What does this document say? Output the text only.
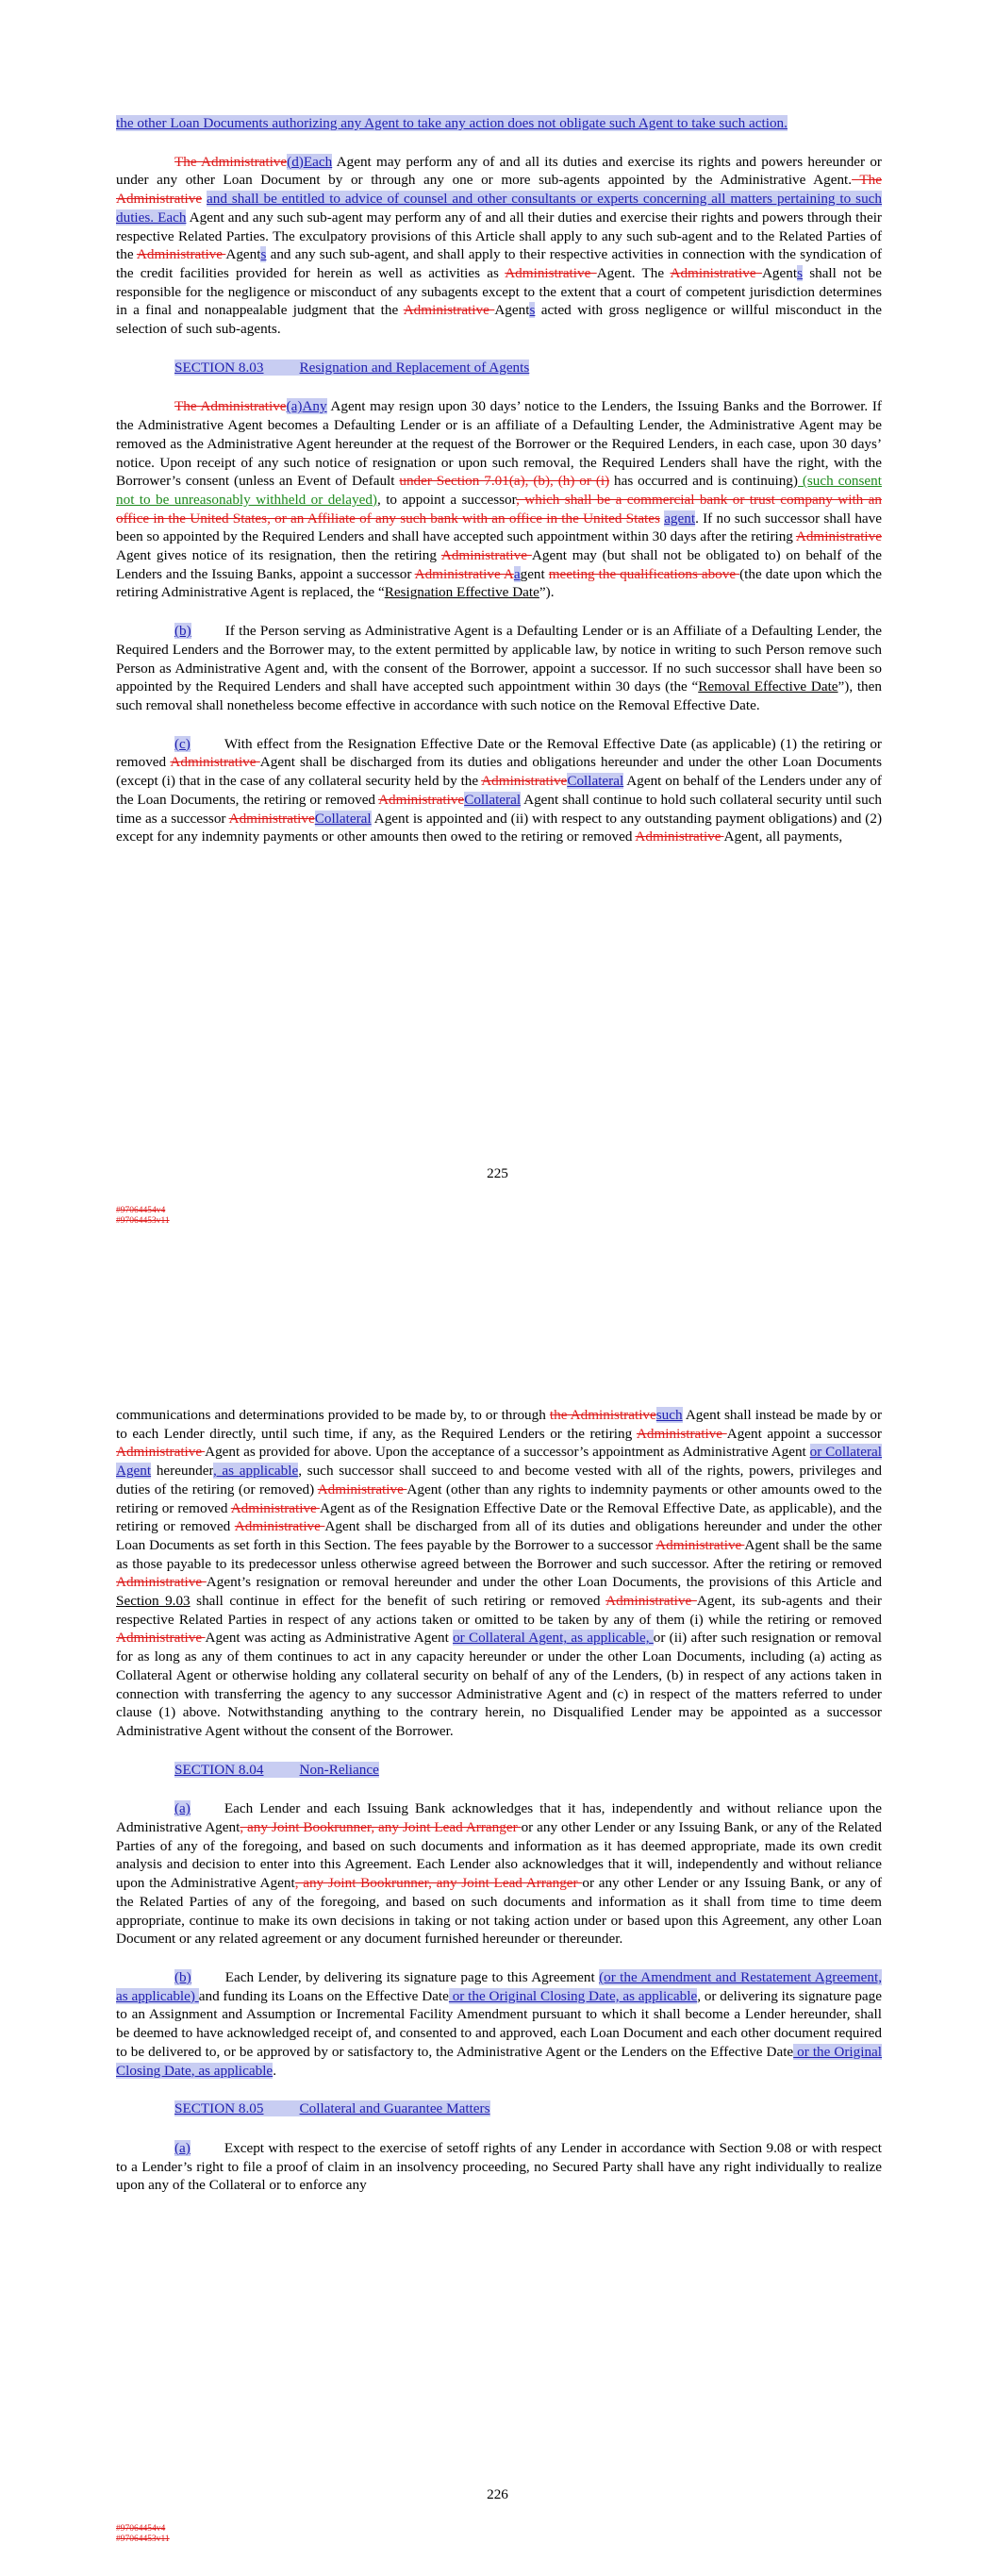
the other Loan Documents authorizing any Agent to take any action does not obligate such Agent to take such action.

The Administrative(d)Each Agent may perform any of and all its duties and exercise its rights and powers hereunder or under any other Loan Document by or through any one or more sub-agents appointed by the Administrative Agent. The Administrative and shall be entitled to advice of counsel and other consultants or experts concerning all matters pertaining to such duties. Each Agent and any such sub-agent may perform any of and all their duties and exercise their rights and powers through their respective Related Parties. The exculpatory provisions of this Article shall apply to any such sub-agent and to the Related Parties of the Administrative Agents and any such sub-agent, and shall apply to their respective activities in connection with the syndication of the credit facilities provided for herein as well as activities as Administrative Agent. The Administrative Agents shall not be responsible for the negligence or misconduct of any subagents except to the extent that a court of competent jurisdiction determines in a final and nonappealable judgment that the Administrative Agents acted with gross negligence or willful misconduct in the selection of such sub-agents.

SECTION 8.03	Resignation and Replacement of Agents

The Administrative(a)Any Agent may resign upon 30 days’ notice to the Lenders, the Issuing Banks and the Borrower. If the Administrative Agent becomes a Defaulting Lender or is an affiliate of a Defaulting Lender, the Administrative Agent may be removed as the Administrative Agent hereunder at the request of the Borrower or the Required Lenders, in each case, upon 30 days’ notice. Upon receipt of any such notice of resignation or upon such removal, the Required Lenders shall have the right, with the Borrower’s consent (unless an Event of Default under Section 7.01(a), (b), (h) or (i) has occurred and is continuing) (such consent not to be unreasonably withheld or delayed), to appoint a successor, which shall be a commercial bank or trust company with an office in the United States, or an Affiliate of any such bank with an office in the United States agent. If no such successor shall have been so appointed by the Required Lenders and shall have accepted such appointment within 30 days after the retiring Administrative Agent gives notice of its resignation, then the retiring Administrative Agent may (but shall not be obligated to) on behalf of the Lenders and the Issuing Banks, appoint a successor Administrative Aagent meeting the qualifications above (the date upon which the retiring Administrative Agent is replaced, the “Resignation Effective Date”).

(b) If the Person serving as Administrative Agent is a Defaulting Lender or is an Affiliate of a Defaulting Lender, the Required Lenders and the Borrower may, to the extent permitted by applicable law, by notice in writing to such Person remove such Person as Administrative Agent and, with the consent of the Borrower, appoint a successor. If no such successor shall have been so appointed by the Required Lenders and shall have accepted such appointment within 30 days (the “Removal Effective Date”), then such removal shall nonetheless become effective in accordance with such notice on the Removal Effective Date.

(c) With effect from the Resignation Effective Date or the Removal Effective Date (as applicable) (1) the retiring or removed Administrative Agent shall be discharged from its duties and obligations hereunder and under the other Loan Documents (except (i) that in the case of any collateral security held by the AdministrativeCollateral Agent on behalf of the Lenders under any of the Loan Documents, the retiring or removed AdministrativeCollateral Agent shall continue to hold such collateral security until such time as a successor AdministrativeCollateral Agent is appointed and (ii) with respect to any outstanding payment obligations) and (2) except for any indemnity payments or other amounts then owed to the retiring or removed Administrative Agent, all payments,

225
#97064454v4
#97064453v11

communications and determinations provided to be made by, to or through the Administrativesuch Agent shall instead be made by or to each Lender directly, until such time, if any, as the Required Lenders or the retiring Administrative Agent appoint a successor Administrative Agent as provided for above. Upon the acceptance of a successor’s appointment as Administrative Agent or Collateral Agent hereunder, as applicable, such successor shall succeed to and become vested with all of the rights, powers, privileges and duties of the retiring (or removed) Administrative Agent (other than any rights to indemnity payments or other amounts owed to the retiring or removed Administrative Agent as of the Resignation Effective Date or the Removal Effective Date, as applicable), and the retiring or removed Administrative Agent shall be discharged from all of its duties and obligations hereunder and under the other Loan Documents as set forth in this Section. The fees payable by the Borrower to a successor Administrative Agent shall be the same as those payable to its predecessor unless otherwise agreed between the Borrower and such successor. After the retiring or removed Administrative Agent’s resignation or removal hereunder and under the other Loan Documents, the provisions of this Article and Section 9.03 shall continue in effect for the benefit of such retiring or removed Administrative Agent, its sub-agents and their respective Related Parties in respect of any actions taken or omitted to be taken by any of them (i) while the retiring or removed Administrative Agent was acting as Administrative Agent or Collateral Agent, as applicable, or (ii) after such resignation or removal for as long as any of them continues to act in any capacity hereunder or under the other Loan Documents, including (a) acting as Collateral Agent or otherwise holding any collateral security on behalf of any of the Lenders, (b) in respect of any actions taken in connection with transferring the agency to any successor Administrative Agent and (c) in respect of the matters referred to under clause (1) above. Notwithstanding anything to the contrary herein, no Disqualified Lender may be appointed as a successor Administrative Agent without the consent of the Borrower.

SECTION 8.04	Non-Reliance

(a) Each Lender and each Issuing Bank acknowledges that it has, independently and without reliance upon the Administrative Agent, any Joint Bookrunner, any Joint Lead Arranger or any other Lender or any Issuing Bank, or any of the Related Parties of any of the foregoing, and based on such documents and information as it has deemed appropriate, made its own credit analysis and decision to enter into this Agreement. Each Lender also acknowledges that it will, independently and without reliance upon the Administrative Agent, any Joint Bookrunner, any Joint Lead Arranger or any other Lender or any Issuing Bank, or any of the Related Parties of any of the foregoing, and based on such documents and information as it shall from time to time deem appropriate, continue to make its own decisions in taking or not taking action under or based upon this Agreement, any other Loan Document or any related agreement or any document furnished hereunder or thereunder.

(b) Each Lender, by delivering its signature page to this Agreement (or the Amendment and Restatement Agreement, as applicable) and funding its Loans on the Effective Date or the Original Closing Date, as applicable, or delivering its signature page to an Assignment and Assumption or Incremental Facility Amendment pursuant to which it shall become a Lender hereunder, shall be deemed to have acknowledged receipt of, and consented to and approved, each Loan Document and each other document required to be delivered to, or be approved by or satisfactory to, the Administrative Agent or the Lenders on the Effective Date or the Original Closing Date, as applicable.

SECTION 8.05	Collateral and Guarantee Matters

(a) Except with respect to the exercise of setoff rights of any Lender in accordance with Section 9.08 or with respect to a Lender’s right to file a proof of claim in an insolvency proceeding, no Secured Party shall have any right individually to realize upon any of the Collateral or to enforce any

226
#97064454v4
#97064453v11
